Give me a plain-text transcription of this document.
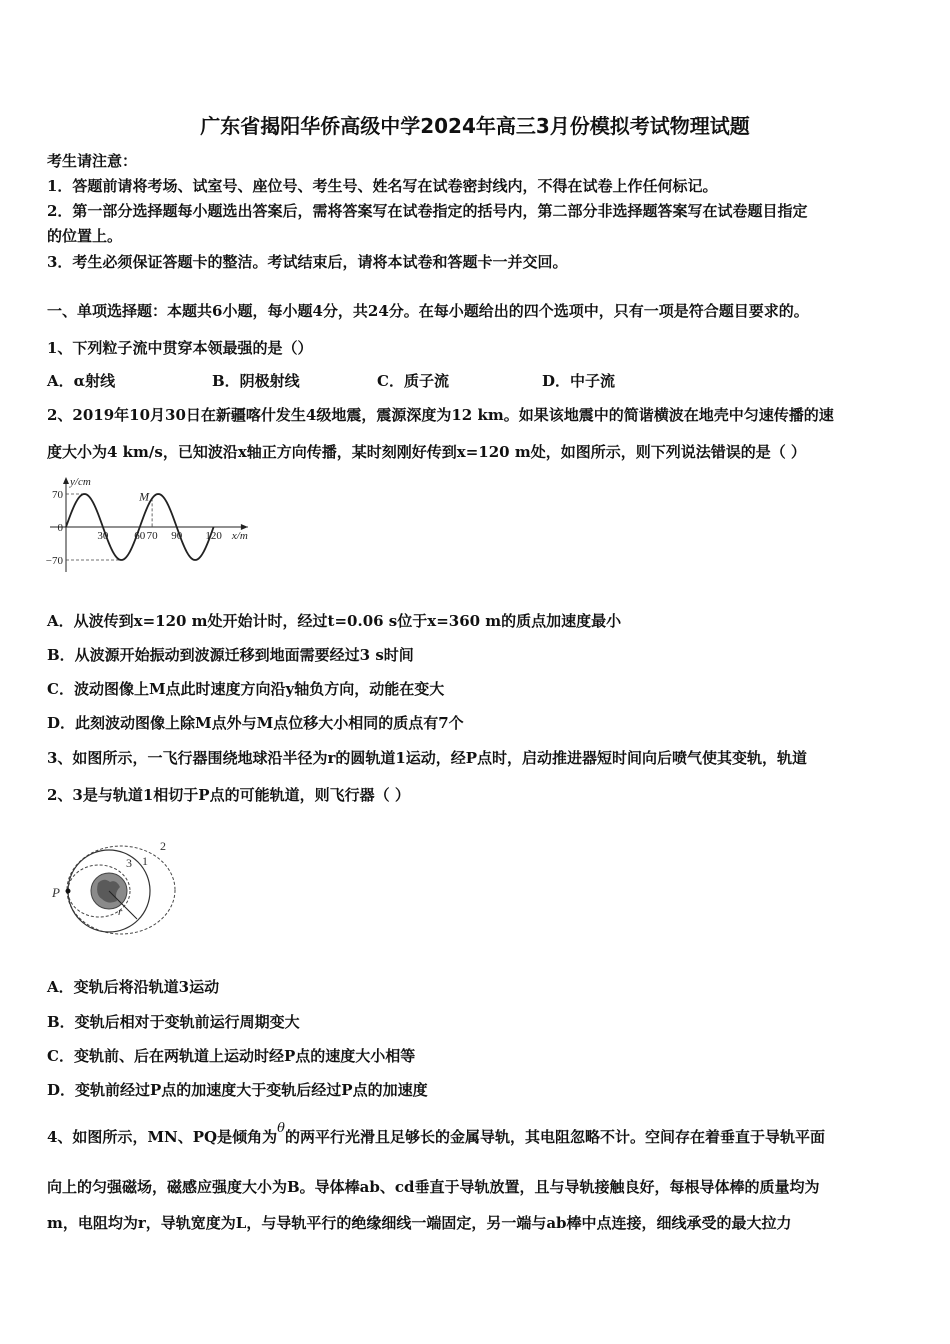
广东省揭阳华侨高级中学2024年高三3月份模拟考试物理试题
考生请注意：
1．答题前请将考场、试室号、座位号、考生号、姓名写在试卷密封线内，不得在试卷上作任何标记。
2．第一部分选择题每小题选出答案后，需将答案写在试卷指定的括号内，第二部分非选择题答案写在试卷题目指定
的位置上。
3．考生必须保证答题卡的整洁。考试结束后，请将本试卷和答题卡一并交回。
一、单项选择题：本题共6小题，每小题4分，共24分。在每小题给出的四个选项中，只有一项是符合题目要求的。
1、下列粒子流中贯穿本领最强的是（）
A．α射线	B．阴极射线	C．质子流	D．中子流
2、2019年10月30日在新疆喀什发生4级地震，震源深度为12 km。如果该地震中的简谐横波在地壳中匀速传播的速
度大小为4 km/s，已知波沿x轴正方向传播，某时刻刚好传到x=120 m处，如图所示，则下列说法错误的是（ ）
y/cm
x/m
M
70
0
−70
30 60 70 90 120
A．从波传到x=120 m处开始计时，经过t=0.06 s位于x=360 m的质点加速度最小
B．从波源开始振动到波源迁移到地面需要经过3 s时间
C．波动图像上M点此时速度方向沿y轴负方向，动能在变大
D．此刻波动图像上除M点外与M点位移大小相同的质点有7个
3、如图所示，一飞行器围绕地球沿半径为r的圆轨道1运动，经P点时，启动推进器短时间向后喷气使其变轨，轨道
2、3是与轨道1相切于P点的可能轨道，则飞行器（ ）
P
1
2
3
r
A．变轨后将沿轨道3运动
B．变轨后相对于变轨前运行周期变大
C．变轨前、后在两轨道上运动时经P点的速度大小相等
D．变轨前经过P点的加速度大于变轨后经过P点的加速度
4、如图所示，MN、PQ是倾角为θ的两平行光滑且足够长的金属导轨，其电阻忽略不计。空间存在着垂直于导轨平面
向上的匀强磁场，磁感应强度大小为B。导体棒ab、cd垂直于导轨放置，且与导轨接触良好，每根导体棒的质量均为
m，电阻均为r，导轨宽度为L，与导轨平行的绝缘细线一端固定，另一端与ab棒中点连接，细线承受的最大拉力
